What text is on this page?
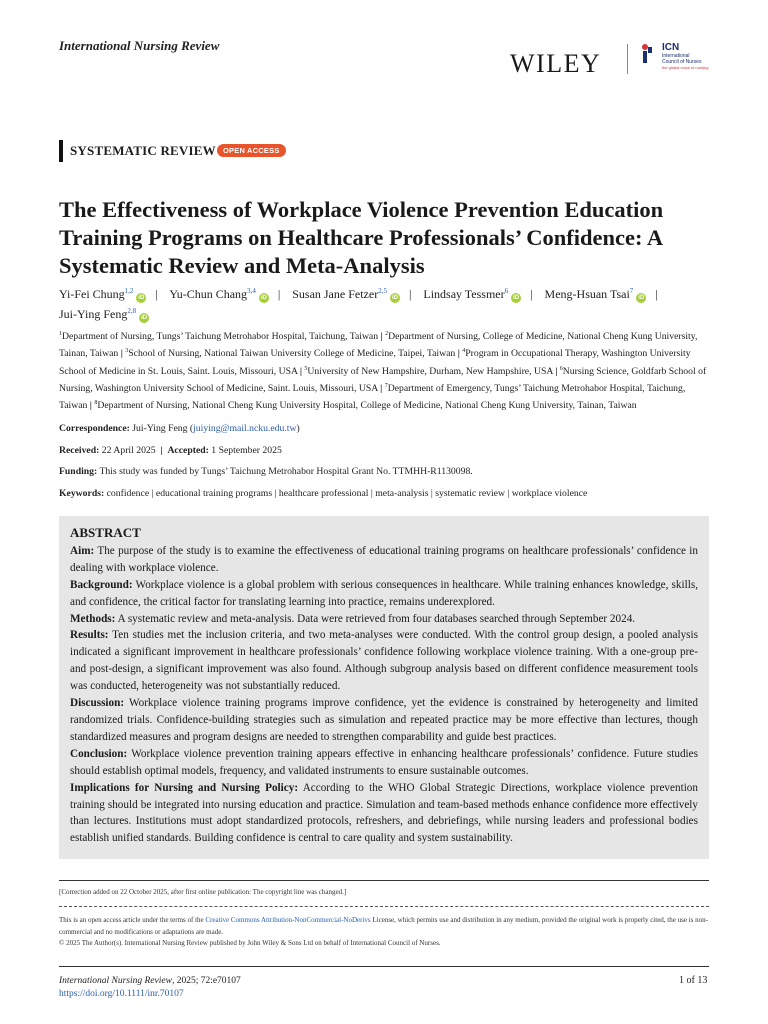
International Nursing Review
WILEY
ICN
International
Council of Nurses
the global voice of nursing
SYSTEMATIC REVIEW OPEN ACCESS
The Effectiveness of Workplace Violence Prevention Education Training Programs on Healthcare Professionals’ Confidence: A Systematic Review and Meta-Analysis
Yi-Fei Chung$^{1,2}$iD | Yu-Chun Chang$^{3,4}$iD | Susan Jane Fetzer$^{2,5}$iD | Lindsay Tessmer$^6$iD | Meng-Hsuan Tsai$^7$iD |
Jui-Ying Feng$^{2,8}$iD
$^1$Department of Nursing, Tungs’ Taichung Metrohabor Hospital, Taichung, Taiwan | $^2$Department of Nursing, College of Medicine, National Cheng Kung University, Tainan, Taiwan | $^3$School of Nursing, National Taiwan University College of Medicine, Taipei, Taiwan | $^4$Program in Occupational Therapy, Washington University School of Medicine in St. Louis, Saint. Louis, Missouri, USA | $^5$University of New Hampshire, Durham, New Hampshire, USA | $^6$Nursing Science, Goldfarb School of Nursing, Washington University School of Medicine, Saint. Louis, Missouri, USA | $^7$Department of Emergency, Tungs’ Taichung Metrohabor Hospital, Taichung, Taiwan | $^8$Department of Nursing, National Cheng Kung University Hospital, College of Medicine, National Cheng Kung University, Tainan, Taiwan
Correspondence: Jui-Ying Feng (juiying@mail.ncku.edu.tw)
Received: 22 April 2025  |  Accepted: 1 September 2025
Funding: This study was funded by Tungs’ Taichung Metrohabor Hospital Grant No. TTMHH-R1130098.
Keywords: confidence | educational training programs | healthcare professional | meta-analysis | systematic review | workplace violence
ABSTRACT

Aim: The purpose of the study is to examine the effectiveness of educational training programs on healthcare professionals’ confidence in dealing with workplace violence.

Background: Workplace violence is a global problem with serious consequences in healthcare. While training enhances knowledge, skills, and confidence, the critical factor for translating learning into practice, remains underexplored.

Methods: A systematic review and meta-analysis. Data were retrieved from four databases searched through September 2024.

Results: Ten studies met the inclusion criteria, and two meta-analyses were conducted. With the control group design, a pooled analysis indicated a significant improvement in healthcare professionals’ confidence following workplace violence training. With a one-group pre- and post-design, a significant improvement was also found. Although subgroup analysis based on different confidence measurement tools was conducted, heterogeneity was not substantially reduced.

Discussion: Workplace violence training programs improve confidence, yet the evidence is constrained by heterogeneity and limited randomized trials. Confidence-building strategies such as simulation and repeated practice may be more effective than lectures, though standardized measures and program designs are needed to strengthen comparability and guide best practices.

Conclusion: Workplace violence prevention training appears effective in enhancing healthcare professionals’ confidence. Future studies should establish optimal models, frequency, and validated instruments to ensure sustainable outcomes.

Implications for Nursing and Nursing Policy: According to the WHO Global Strategic Directions, workplace violence prevention training should be integrated into nursing education and practice. Simulation and team-based methods enhance confidence more effectively than lectures. Institutions must adopt standardized protocols, refreshers, and debriefings, while nursing leaders and professional bodies establish unified standards. Building confidence is central to care quality and system sustainability.

[Correction added on 22 October 2025, after first online publication: The copyright line was changed.]
This is an open access article under the terms of the Creative Commons Attribution-NonCommercial-NoDerivs License, which permits use and distribution in any medium, provided the original work is properly cited, the use is non-commercial and no modifications or adaptations are made.
© 2025 The Author(s). International Nursing Review published by John Wiley & Sons Ltd on behalf of International Council of Nurses.
International Nursing Review, 2025; 72:e70107
https://doi.org/10.1111/inr.70107
1 of 13
